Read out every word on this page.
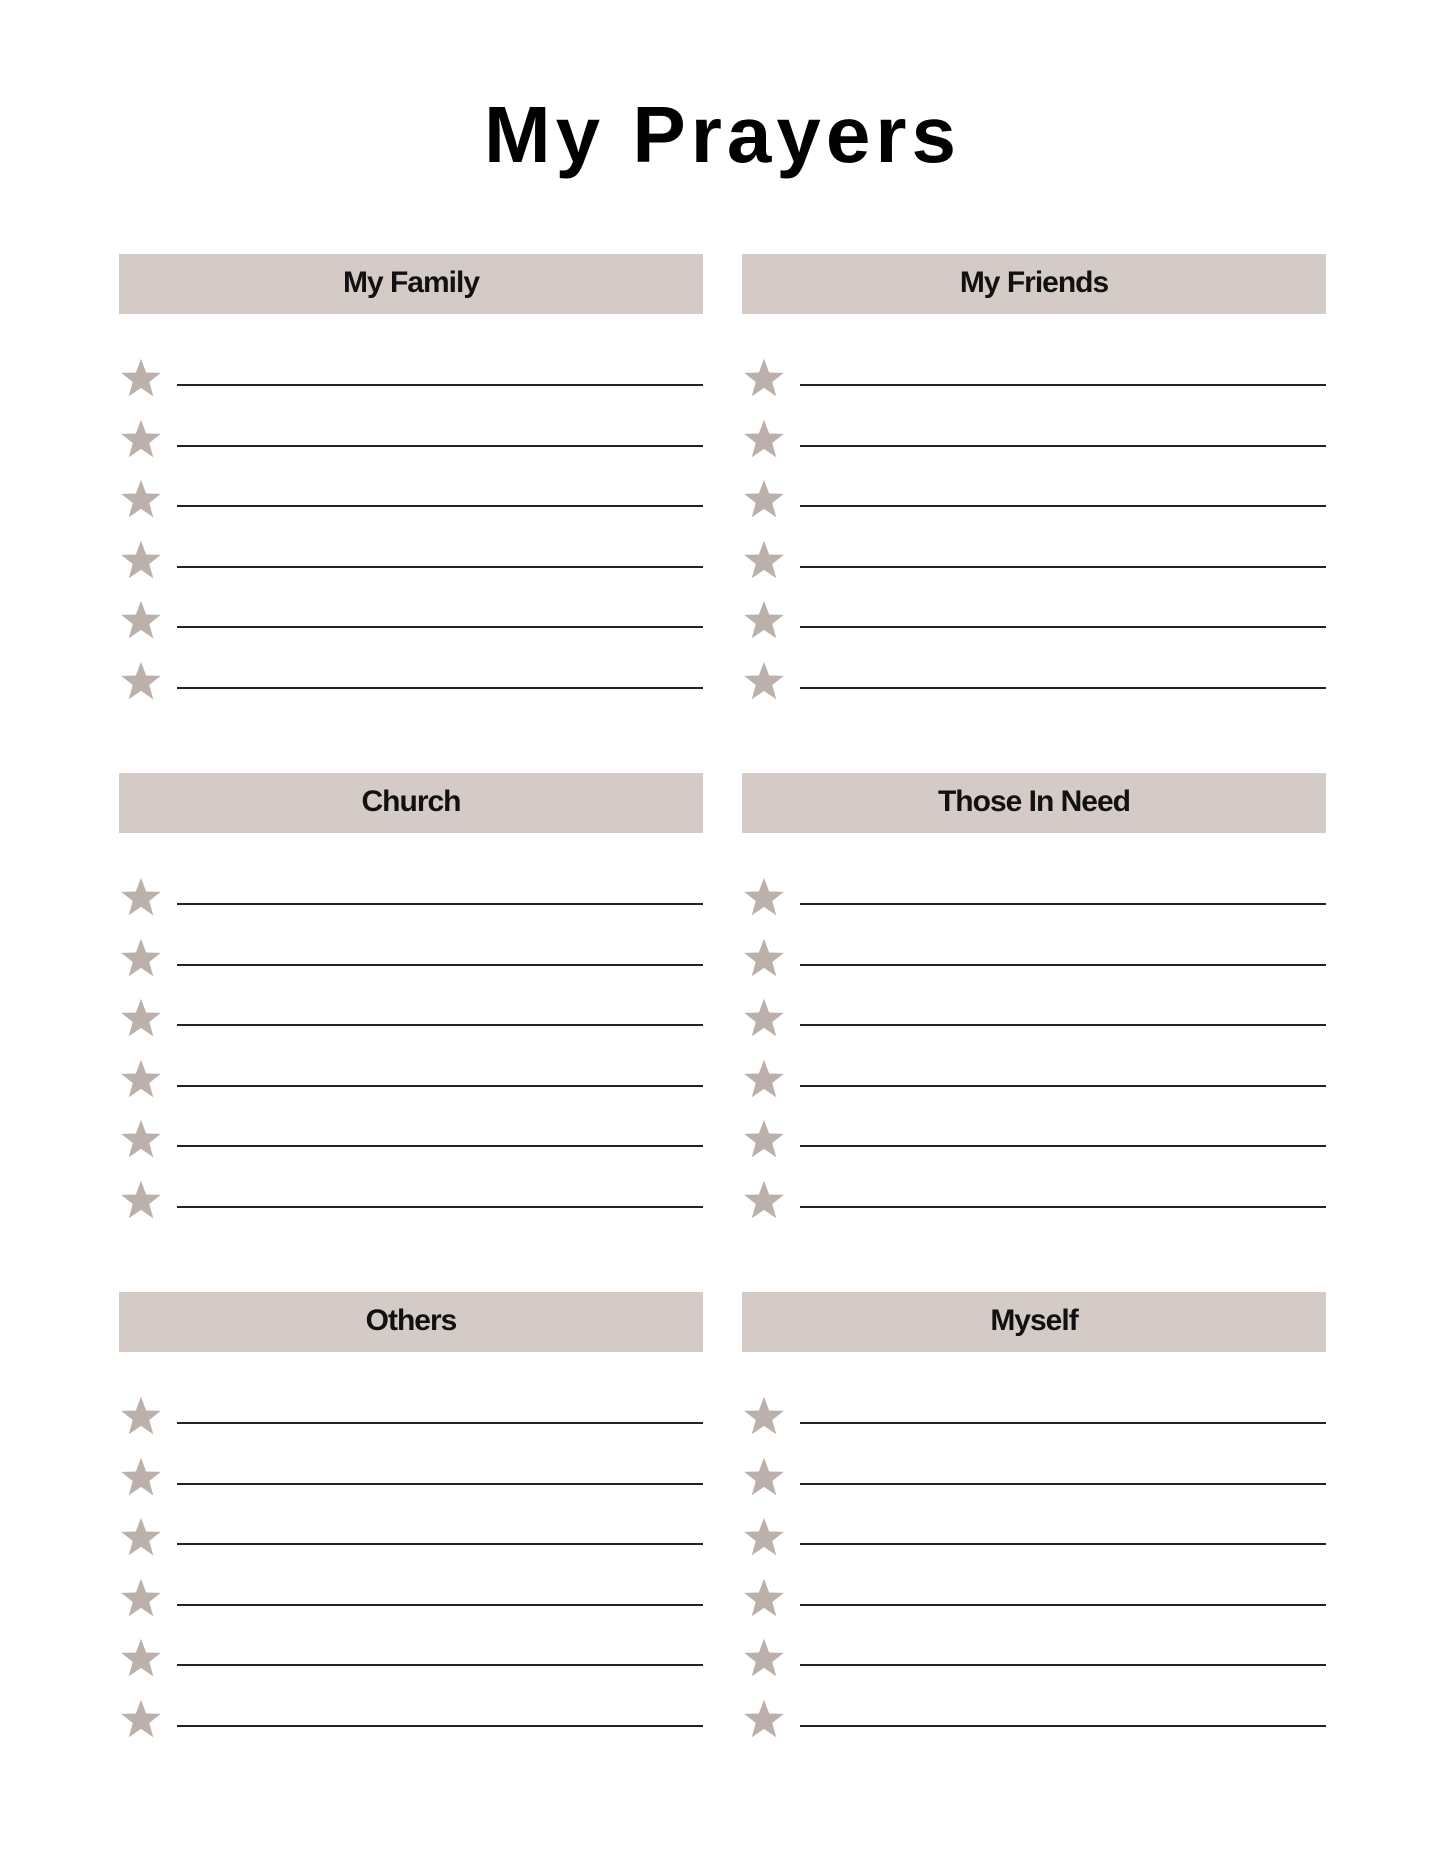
My Prayers
My Family	My Friends
Church	Those In Need
Others	Myself
